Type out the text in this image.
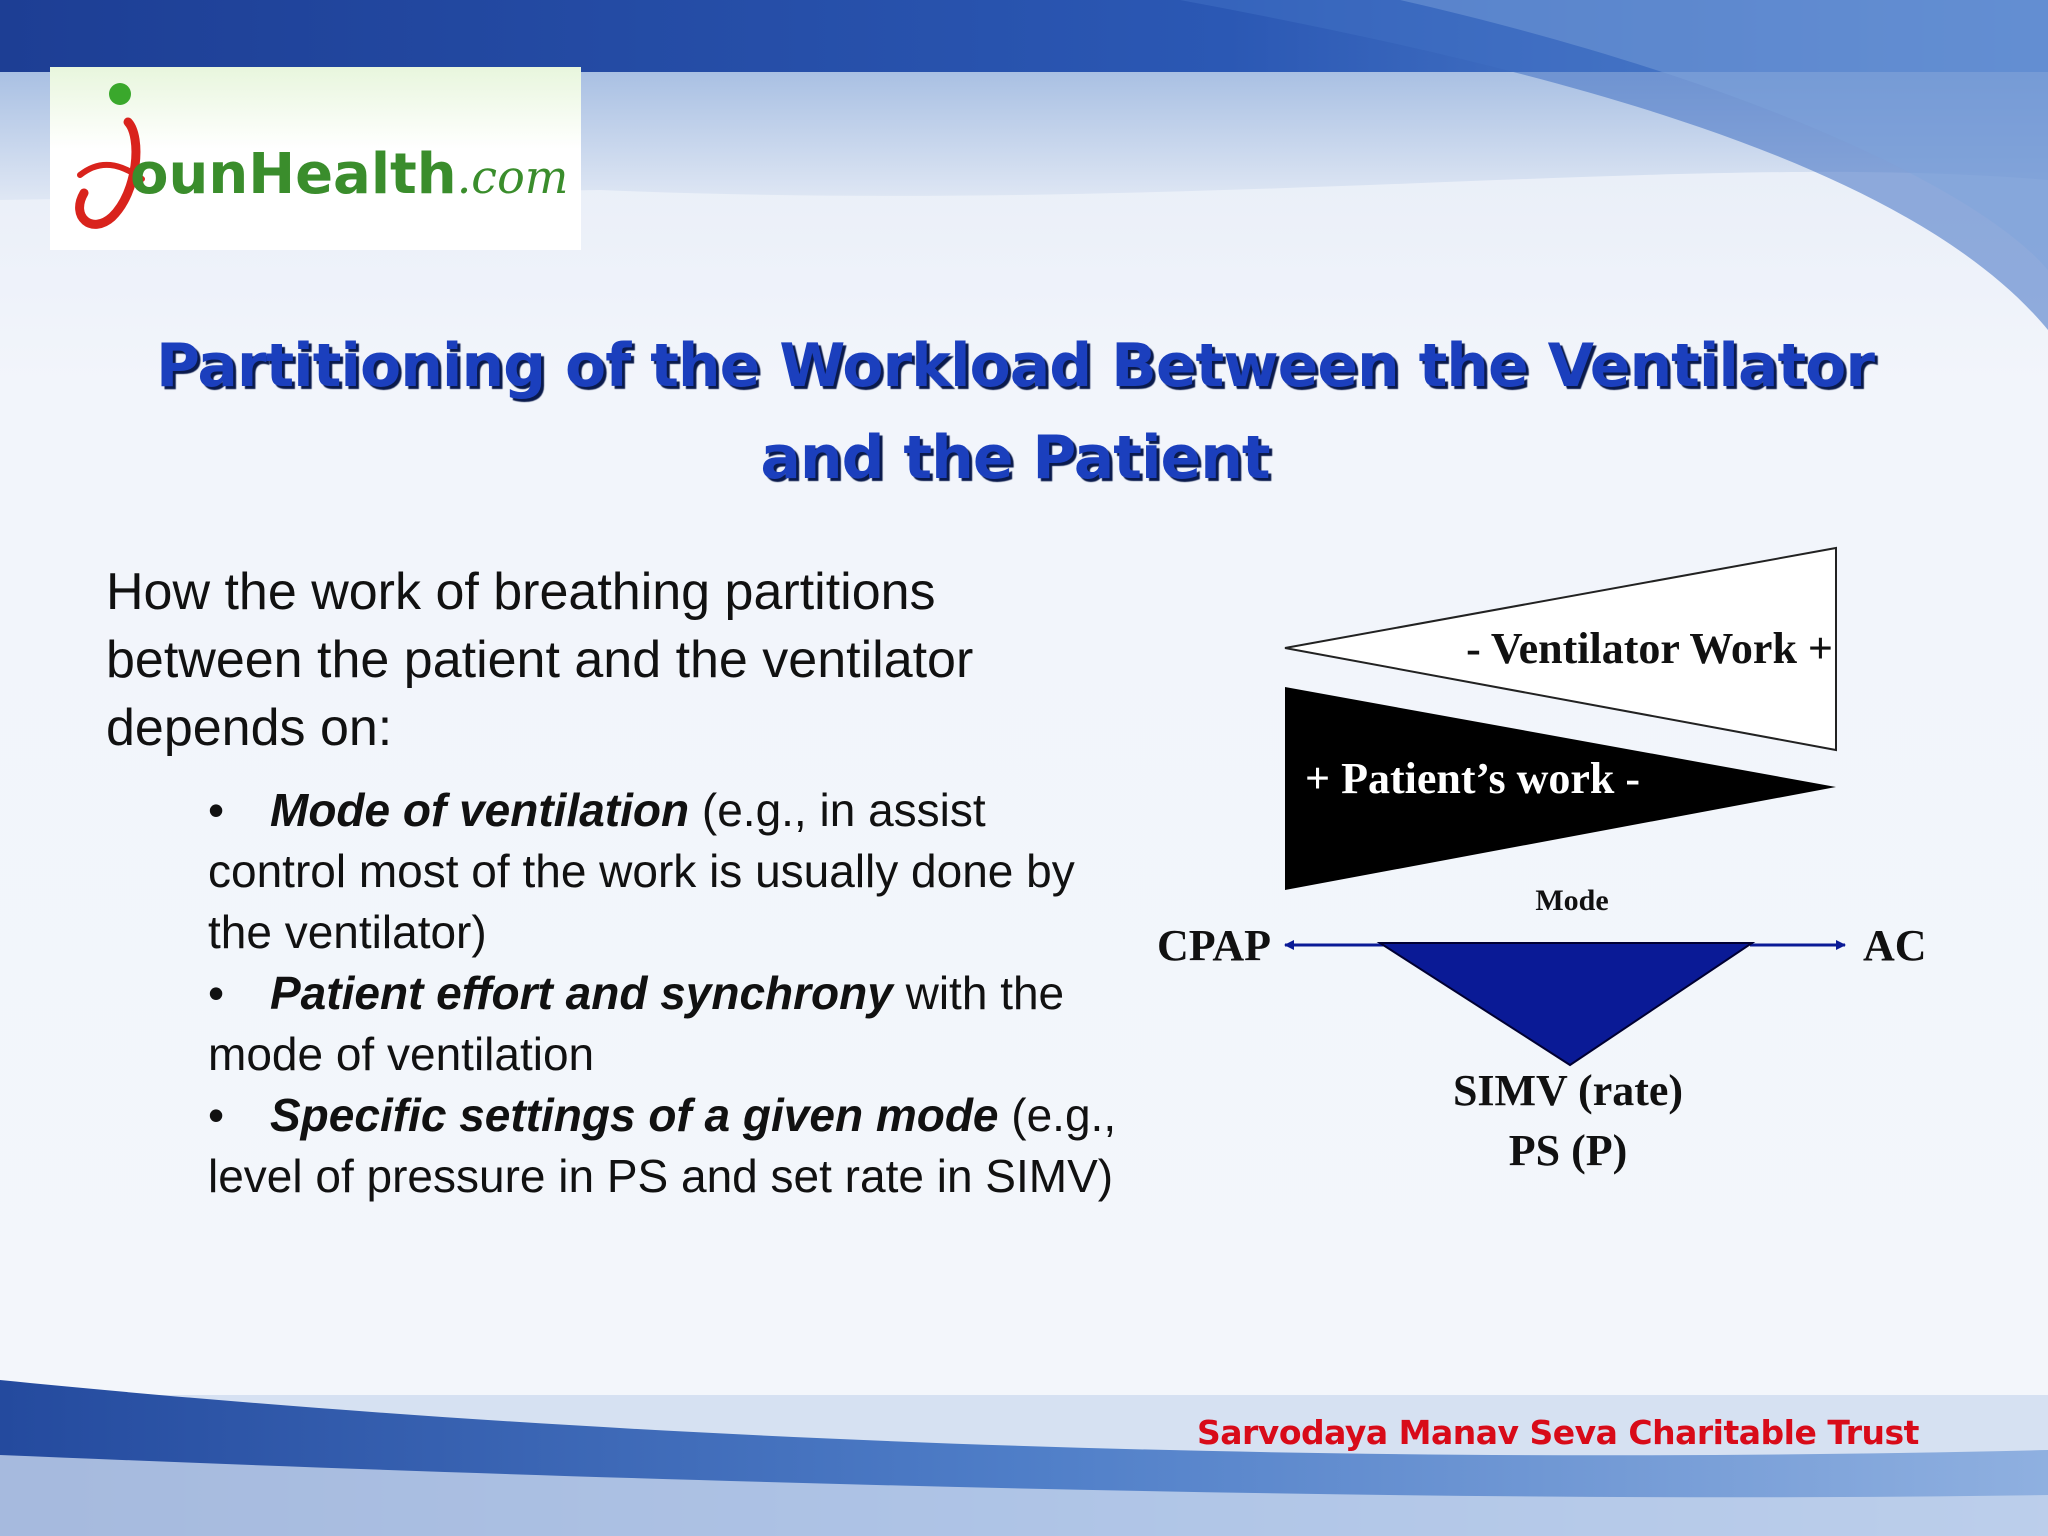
ounHealth.com
Partitioning of the Workload Between the Ventilator and the Patient

How the work of breathing partitions between the patient and the ventilator depends on:

• Mode of ventilation (e.g., in assist control most of the work is usually done by the ventilator)
• Patient effort and synchrony with the mode of ventilation
• Specific settings of a given mode (e.g., level of pressure in PS and set rate in SIMV)
- Ventilator Work +
+ Patient’s work -
Mode
CPAP	AC
SIMV (rate)
PS (P)
Sarvodaya Manav Seva Charitable Trust
